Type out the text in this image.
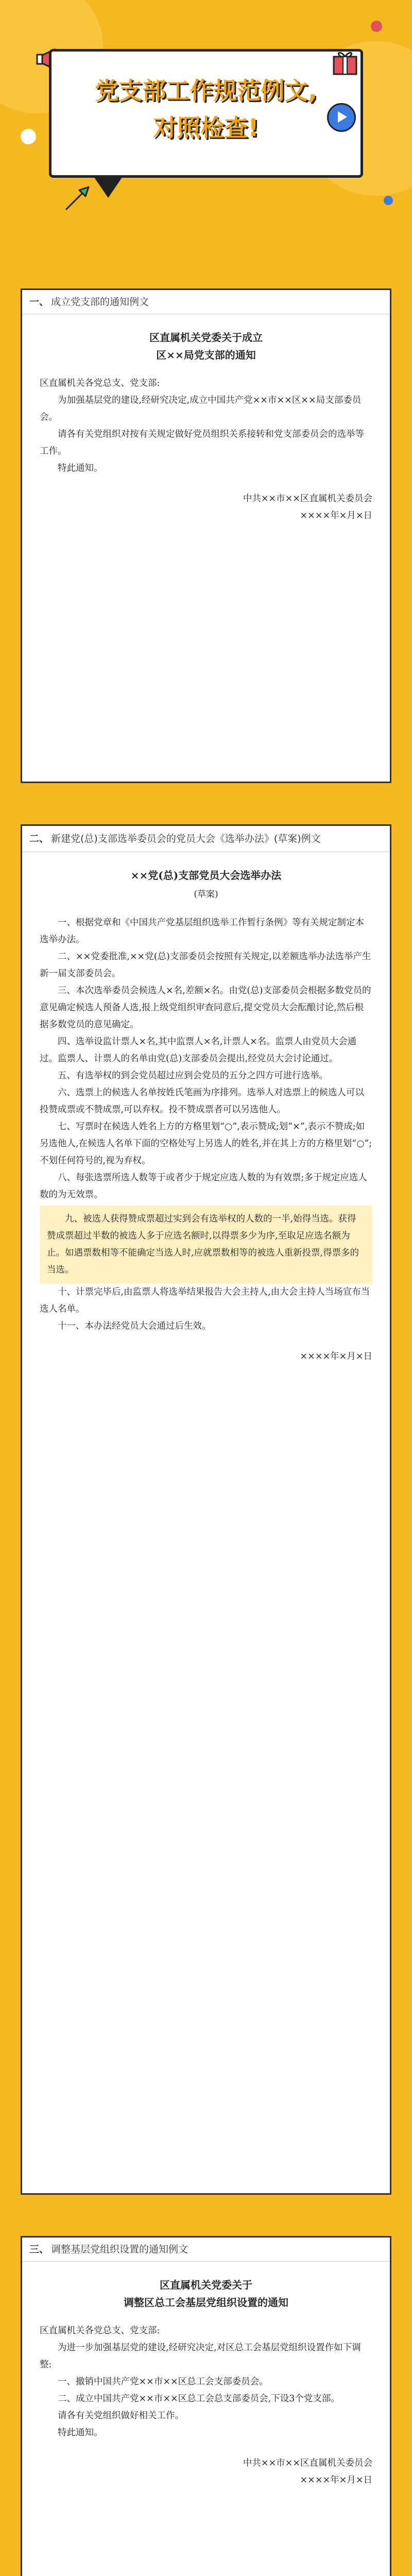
党支部工作规范例文,
对照检查!
一、 成立党支部的通知例文
区直属机关党委关于成立
区××局党支部的通知

区直属机关各党总支、党支部:

为加强基层党的建设,经研究决定,成立中国共产党××市××区××局支部委员会。

请各有关党组织对按有关规定做好党员组织关系接转和党支部委员会的选举等工作。

特此通知。

中共××市××区直属机关委员会

××××年×月×日

二、 新建党(总)支部选举委员会的党员大会《选举办法》(草案)例文
××党(总)支部党员大会选举办法
(草案)

一、根据党章和《中国共产党基层组织选举工作暂行条例》等有关规定制定本选举办法。

二、××党委批准,××党(总)支部委员会按照有关规定,以差额选举办法选举产生新一届支部委员会。

三、本次选举委员会候选人×名,差额×名。由党(总)支部委员会根据多数党员的意见确定候选人预备人选,报上级党组织审查同意后,提交党员大会酝酿讨论,然后根据多数党员的意见确定。

四、选举设监计票人×名,其中监票人×名,计票人×名。监票人由党员大会通过。监票人、计票人的名单由党(总)支部委员会提出,经党员大会讨论通过。

五、有选举权的到会党员超过应到会党员的五分之四方可进行选举。

六、选票上的候选人名单按姓氏笔画为序排列。选举人对选票上的候选人可以投赞成票或不赞成票,可以弃权。投不赞成票者可以另选他人。

七、写票时在候选人姓名上方的方格里划“○”,表示赞成;划“×”,表示不赞成;如另选他人,在候选人名单下面的空格处写上另选人的姓名,并在其上方的方格里划“○”;不划任何符号的,视为弃权。

八、每张选票所选人数等于或者少于规定应选人数的为有效票;多于规定应选人数的为无效票。

九、被选人获得赞成票超过实到会有选举权的人数的一半,始得当选。获得赞成票超过半数的被选人多于应选名额时,以得票多少为序,至取足应选名额为止。如遇票数相等不能确定当选人时,应就票数相等的被选人重新投票,得票多的当选。

十、计票完毕后,由监票人将选举结果报告大会主持人,由大会主持人当场宣布当选人名单。

十一、本办法经党员大会通过后生效。

××××年×月×日

三、 调整基层党组织设置的通知例文
区直属机关党委关于
调整区总工会基层党组织设置的通知

区直属机关各党总支、党支部:

为进一步加强基层党的建设,经研究决定,对区总工会基层党组织设置作如下调整:

一、撤销中国共产党××市××区总工会支部委员会。

二、成立中国共产党××市××区总工会总支部委员会,下设3个党支部。

请各有关党组织做好相关工作。

特此通知。

中共××市××区直属机关委员会

××××年×月×日
